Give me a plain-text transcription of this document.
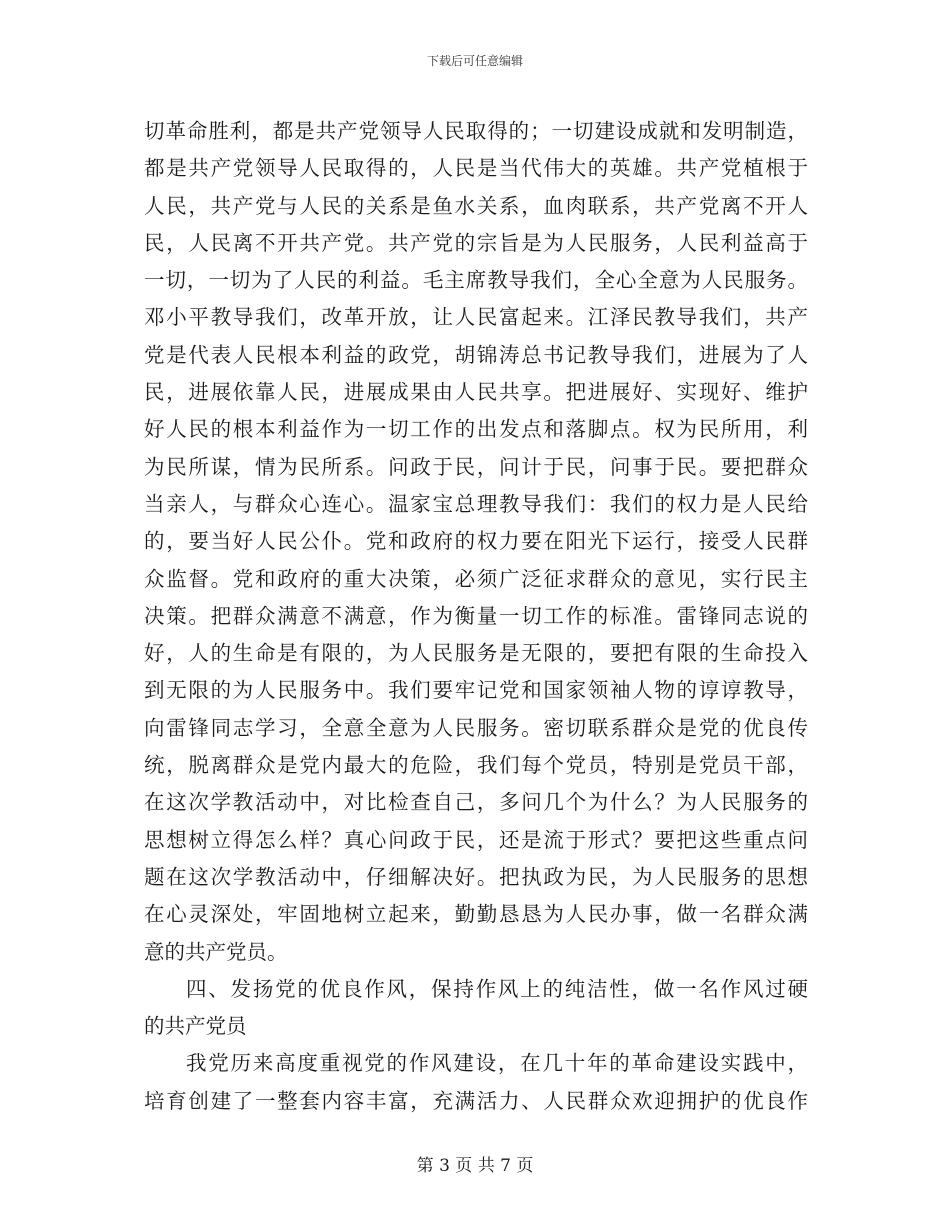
下载后可任意编辑
切革命胜利，都是共产党领导人民取得的；一切建设成就和发明制造，
都是共产党领导人民取得的，人民是当代伟大的英雄。共产党植根于
人民，共产党与人民的关系是鱼水关系，血肉联系，共产党离不开人
民，人民离不开共产党。共产党的宗旨是为人民服务，人民利益高于
一切，一切为了人民的利益。毛主席教导我们，全心全意为人民服务。
邓小平教导我们，改革开放，让人民富起来。江泽民教导我们，共产
党是代表人民根本利益的政党，胡锦涛总书记教导我们，进展为了人
民，进展依靠人民，进展成果由人民共享。把进展好、实现好、维护
好人民的根本利益作为一切工作的出发点和落脚点。权为民所用，利
为民所谋，情为民所系。问政于民，问计于民，问事于民。要把群众
当亲人，与群众心连心。温家宝总理教导我们：我们的权力是人民给
的，要当好人民公仆。党和政府的权力要在阳光下运行，接受人民群
众监督。党和政府的重大决策，必须广泛征求群众的意见，实行民主
决策。把群众满意不满意，作为衡量一切工作的标准。雷锋同志说的
好，人的生命是有限的，为人民服务是无限的，要把有限的生命投入
到无限的为人民服务中。我们要牢记党和国家领袖人物的谆谆教导，
向雷锋同志学习，全意全意为人民服务。密切联系群众是党的优良传
统，脱离群众是党内最大的危险，我们每个党员，特别是党员干部，
在这次学教活动中，对比检查自己，多问几个为什么？为人民服务的
思想树立得怎么样？真心问政于民，还是流于形式？要把这些重点问
题在这次学教活动中，仔细解决好。把执政为民，为人民服务的思想
在心灵深处，牢固地树立起来，勤勤恳恳为人民办事，做一名群众满
意的共产党员。
四、发扬党的优良作风，保持作风上的纯洁性，做一名作风过硬
的共产党员
我党历来高度重视党的作风建设，在几十年的革命建设实践中，
培育创建了一整套内容丰富，充满活力、人民群众欢迎拥护的优良作
第 3 页 共 7 页
